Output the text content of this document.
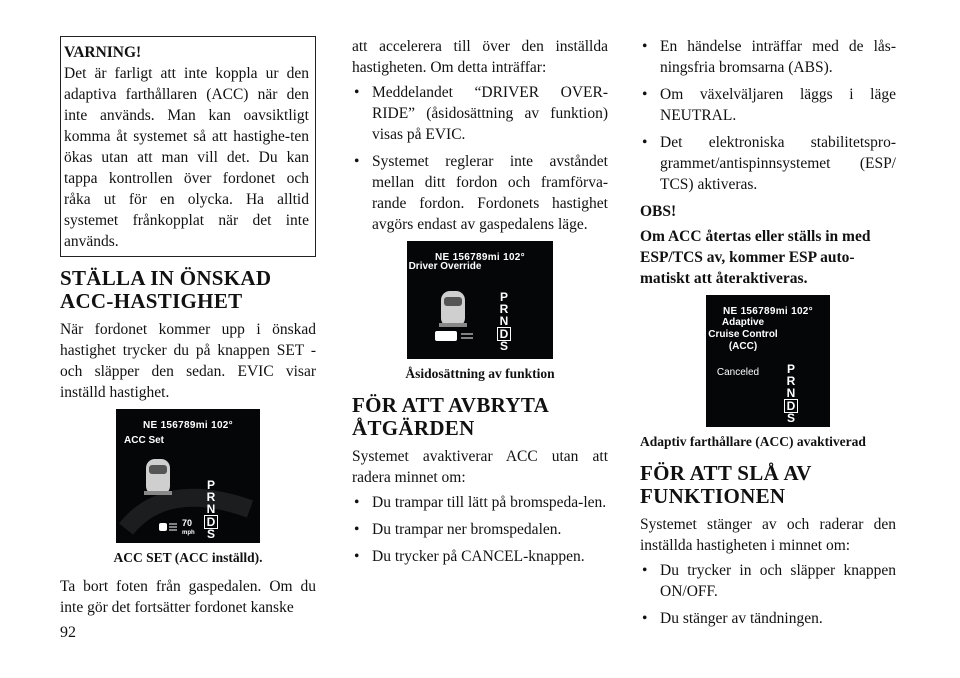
VARNING!
Det är farligt att inte koppla ur den adaptiva farthållaren (ACC) när den inte används. Man kan oavsiktligt komma åt systemet så att hastighe-ten ökas utan att man vill det. Du kan tappa kontrollen över fordonet och råka ut för en olycka. Ha alltid systemet frånkopplat när det inte används.
STÄLLA IN ÖNSKAD ACC-HASTIGHET

När fordonet kommer upp i önskad hastighet trycker du på knappen SET - och släpper den sedan. EVIC visar inställd hastighet.

NE 156789mi 102°
ACC Set
P
R
N
D
S
70
mph
ACC SET (ACC inställd).

Ta bort foten från gaspedalen. Om du inte gör det fortsätter fordonet kanske

att accelerera till över den inställda hastigheten. Om detta inträffar:

• Meddelandet “DRIVER OVER-RIDE” (åsidosättning av funktion) visas på EVIC.
• Systemet reglerar inte avståndet mellan ditt fordon och framförva-rande fordon. Fordonets hastighet avgörs endast av gaspedalens läge.
NE 156789mi 102°
Driver Override
P
R
N
D
S
Åsidosättning av funktion
FÖR ATT AVBRYTA ÅTGÄRDEN

Systemet avaktiverar ACC utan att radera minnet om:

• Du trampar till lätt på bromspeda-len.
• Du trampar ner bromspedalen.
• Du trycker på CANCEL-knappen.
• En händelse inträffar med de lås-ningsfria bromsarna (ABS).
• Om växelväljaren läggs i läge NEUTRAL.
• Det elektroniska stabilitetspro-grammet/antispinnsystemet (ESP/ TCS) aktiveras.

OBS!

Om ACC återtas eller ställs in med ESP/TCS av, kommer ESP auto-matiskt att återaktiveras.

NE 156789mi 102°
Adaptive Cruise Control (ACC)
Canceled	P
R
N
D
S
Adaptiv farthållare (ACC) avaktiverad
FÖR ATT SLÅ AV FUNKTIONEN

Systemet stänger av och raderar den inställda hastigheten i minnet om:

• Du trycker in och släpper knappen ON/OFF.
• Du stänger av tändningen.
92
